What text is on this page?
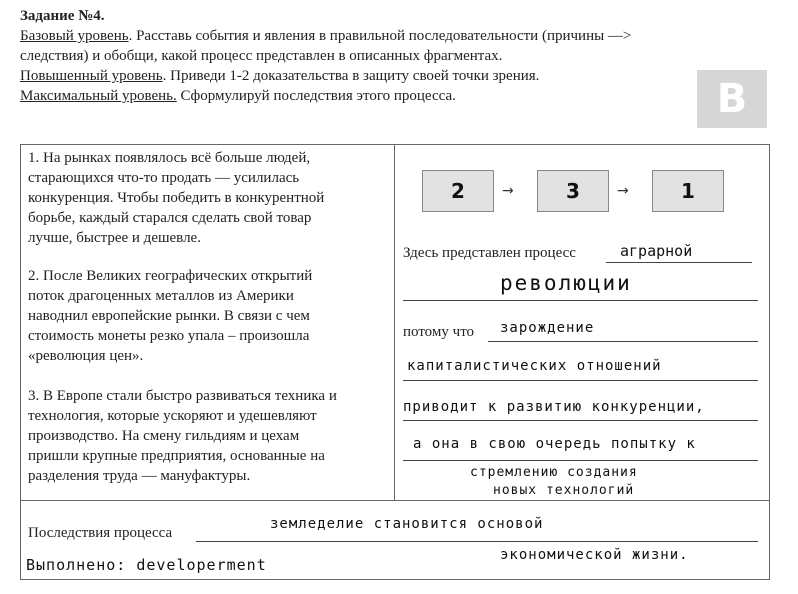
Задание №4.
Базовый уровень. Расставь события и явления в правильной последовательности (причины —>
следствия) и обобщи, какой процесс представлен в описанных фрагментах.
Повышенный уровень. Приведи 1-2 доказательства в защиту своей точки зрения.
Максимальный уровень. Сформулируй последствия этого процесса.	B
1. На рынках появлялось всё больше людей,
старающихся что-то продать — усилилась
конкуренция. Чтобы победить в конкурентной
борьбе, каждый старался сделать свой товар
лучше, быстрее и дешевле.
2. После Великих географических открытий
поток драгоценных металлов из Америки
наводнил европейские рынки. В связи с чем
стоимость монеты резко упала – произошла
«революция цен».
3. В Европе стали быстро развиваться техника и
технология, которые ускоряют и удешевляют
производство. На смену гильдиям и цехам
пришли крупные предприятия, основанные на
разделения труда — мануфактуры.
2	→	3	→	1
Здесь представлен процесс	аграрной
революции
потому что зарождение
капиталистических отношений
приводит к развитию конкуренции,
а она в свою очередь попытку к
стремлению создания
новых технологий
Последствия процесса
земледелие становится основой
экономической жизни.
Выполнено: developerment
